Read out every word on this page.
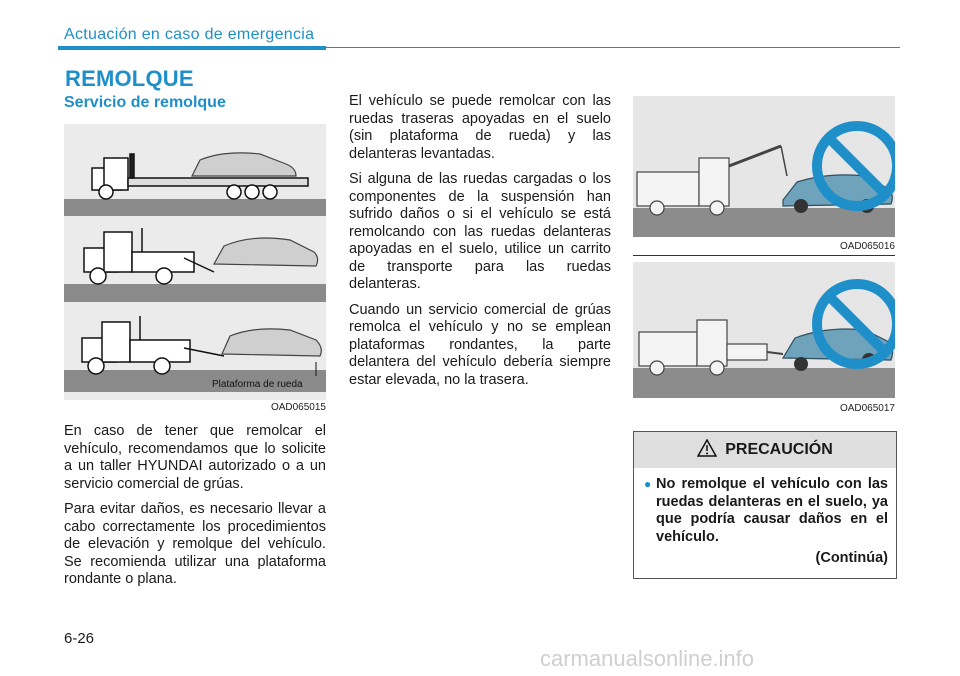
Actuación en caso de emergencia
REMOLQUE
Servicio de remolque
Plataforma de rueda
OAD065015

En caso de tener que remolcar el vehículo, recomendamos que lo solicite a un taller HYUNDAI autorizado o a un servicio comercial de grúas.

Para evitar daños, es necesario llevar a cabo correctamente los procedimientos de elevación y remolque del vehículo. Se recomienda utilizar una plataforma rondante o plana.

El vehículo se puede remolcar con las ruedas traseras apoyadas en el suelo (sin plataforma de rueda) y las delanteras levantadas.

Si alguna de las ruedas cargadas o los componentes de la suspensión han sufrido daños o si el vehículo se está remolcando con las ruedas delanteras apoyadas en el suelo, utilice un carrito de transporte para las ruedas delanteras.

Cuando un servicio comercial de grúas remolca el vehículo y no se emplean plataformas rondantes, la parte delantera del vehículo debería siempre estar elevada, no la trasera.

OAD065016
OAD065017
PRECAUCIÓN
● No remolque el vehículo con las ruedas delanteras en el suelo, ya que podría causar daños en el vehículo.
(Continúa)
6-26
carmanualsonline.info
